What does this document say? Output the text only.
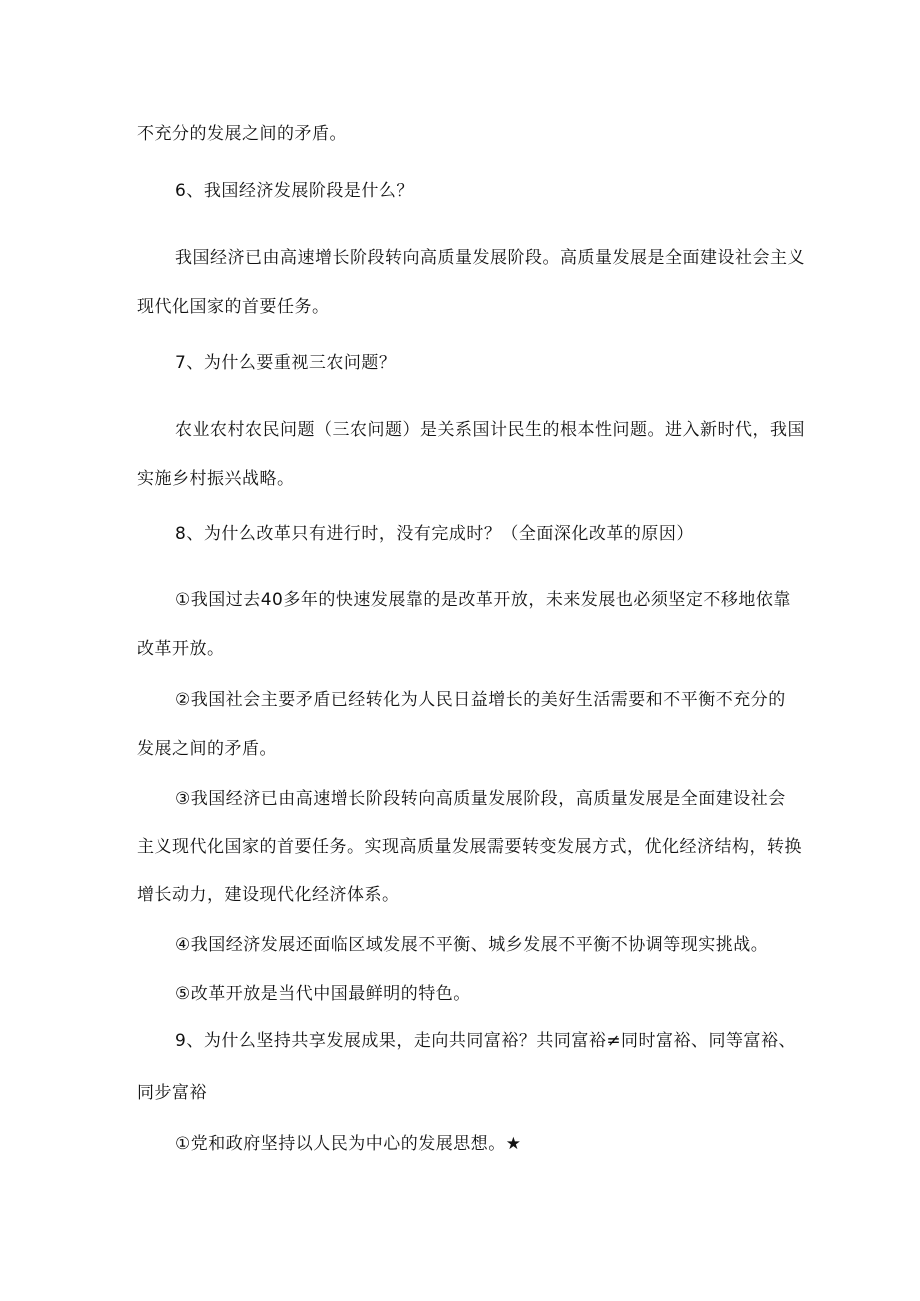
不充分的发展之间的矛盾。
6、我国经济发展阶段是什么？
我国经济已由高速增长阶段转向高质量发展阶段。高质量发展是全面建设社会主义
现代化国家的首要任务。
7、为什么要重视三农问题？
农业农村农民问题（三农问题）是关系国计民生的根本性问题。进入新时代，我国
实施乡村振兴战略。
8、为什么改革只有进行时，没有完成时？（全面深化改革的原因）
①我国过去40多年的快速发展靠的是改革开放，未来发展也必须坚定不移地依靠
改革开放。
②我国社会主要矛盾已经转化为人民日益增长的美好生活需要和不平衡不充分的
发展之间的矛盾。
③我国经济已由高速增长阶段转向高质量发展阶段，高质量发展是全面建设社会
主义现代化国家的首要任务。实现高质量发展需要转变发展方式，优化经济结构，转换
增长动力，建设现代化经济体系。
④我国经济发展还面临区域发展不平衡、城乡发展不平衡不协调等现实挑战。
⑤改革开放是当代中国最鲜明的特色。
9、为什么坚持共享发展成果，走向共同富裕？共同富裕≠同时富裕、同等富裕、
同步富裕
①党和政府坚持以人民为中心的发展思想。★
